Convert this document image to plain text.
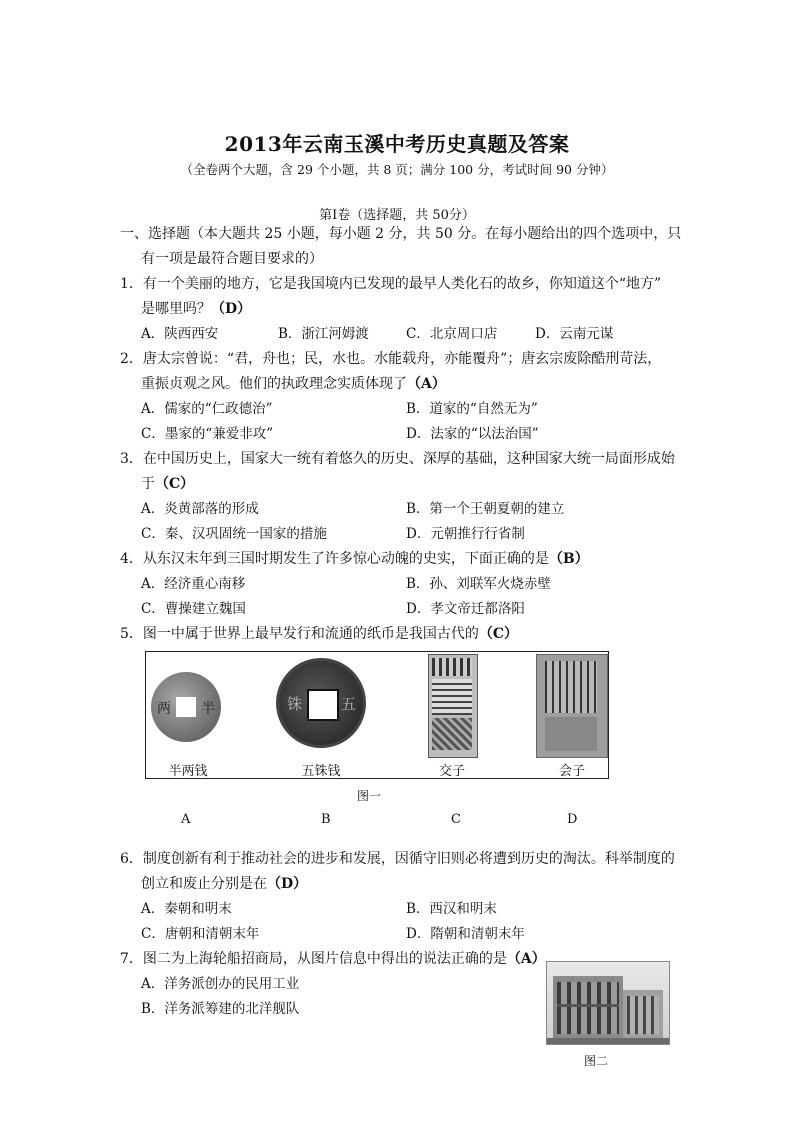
2013年云南玉溪中考历史真题及答案
（全卷两个大题，含 29 个小题，共 8 页；满分 100 分，考试时间 90 分钟）
第Ⅰ卷（选择题，共 50分）
一、选择题（本大题共 25 小题，每小题 2 分，共 50 分。在每小题给出的四个选项中，只
有一项是最符合题目要求的）
1．有一个美丽的地方，它是我国境内已发现的最早人类化石的故乡，你知道这个“地方”
是哪里吗？（D）
A．陕西西安	B．浙江河姆渡	C．北京周口店	D．云南元谋
2．唐太宗曾说：“君，舟也；民，水也。水能载舟，亦能覆舟”；唐玄宗废除酷刑苛法，
重振贞观之风。他们的执政理念实质体现了（A）
A．儒家的“仁政德治”	B．道家的“自然无为”
C．墨家的“兼爱非攻”	D．法家的“以法治国”
3．在中国历史上，国家大一统有着悠久的历史、深厚的基础，这种国家大统一局面形成始
于（C）
A．炎黄部落的形成	B．第一个王朝夏朝的建立
C．秦、汉巩固统一国家的措施	D．元朝推行行省制
4．从东汉末年到三国时期发生了许多惊心动魄的史实，下面正确的是（B）
A．经济重心南移	B．孙、刘联军火烧赤壁
C．曹操建立魏国	D．孝文帝迁都洛阳
5．图一中属于世界上最早发行和流通的纸币是我国古代的（C）
两 半	铢	五
半两钱	五铢钱	交子	会子
图一
A	B	C	D
6．制度创新有利于推动社会的进步和发展，因循守旧则必将遭到历史的淘汰。科举制度的
创立和废止分别是在（D）
A．秦朝和明末	B．西汉和明末
C．唐朝和清朝末年	D．隋朝和清朝末年
7．图二为上海轮船招商局，从图片信息中得出的说法正确的是（A）
A．洋务派创办的民用工业
B．洋务派筹建的北洋舰队
图二
